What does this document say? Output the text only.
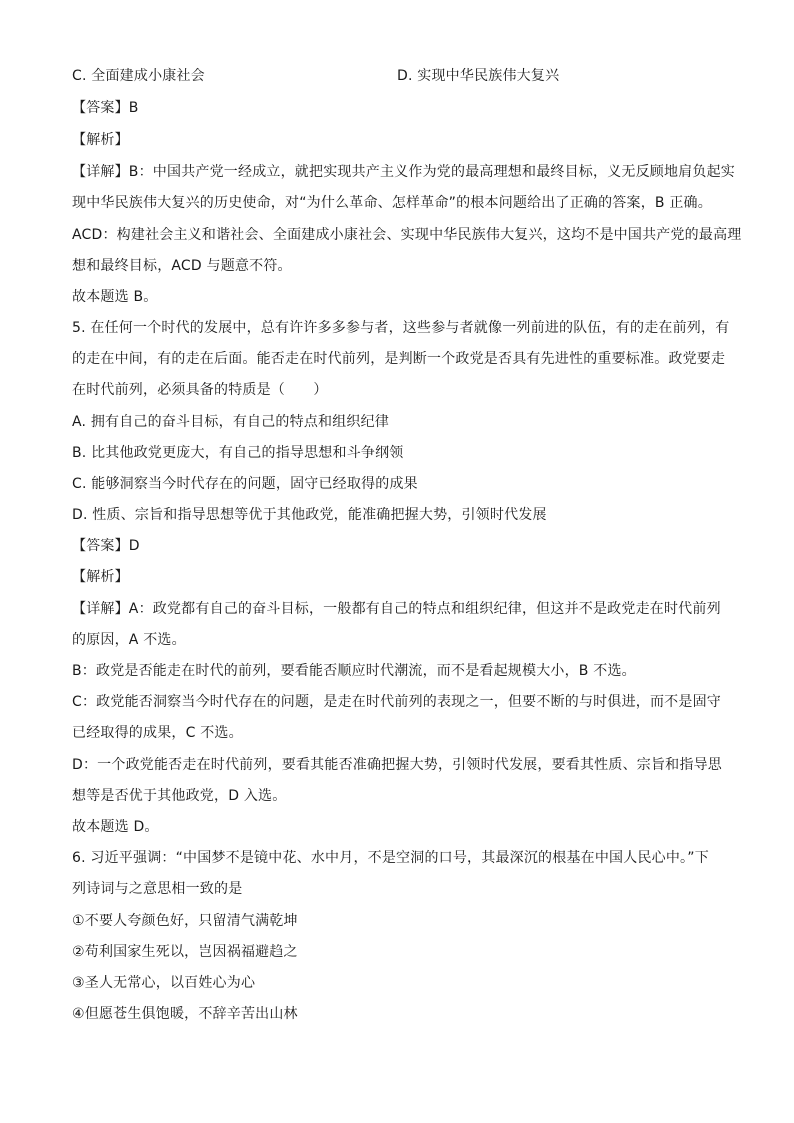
C. 全面建成小康社会	D. 实现中华民族伟大复兴
【答案】B
【解析】
【详解】B：中国共产党一经成立，就把实现共产主义作为党的最高理想和最终目标，义无反顾地肩负起实
现中华民族伟大复兴的历史使命，对“为什么革命、怎样革命”的根本问题给出了正确的答案，B 正确。
ACD：构建社会主义和谐社会、全面建成小康社会、实现中华民族伟大复兴，这均不是中国共产党的最高理
想和最终目标，ACD 与题意不符。
故本题选 B。
5. 在任何一个时代的发展中，总有许许多多参与者，这些参与者就像一列前进的队伍，有的走在前列，有
的走在中间，有的走在后面。能否走在时代前列，是判断一个政党是否具有先进性的重要标准。政党要走
在时代前列，必须具备的特质是（　　）
A. 拥有自己的奋斗目标，有自己的特点和组织纪律
B. 比其他政党更庞大，有自己的指导思想和斗争纲领
C. 能够洞察当今时代存在的问题，固守已经取得的成果
D. 性质、宗旨和指导思想等优于其他政党，能准确把握大势，引领时代发展
【答案】D
【解析】
【详解】A：政党都有自己的奋斗目标，一般都有自己的特点和组织纪律，但这并不是政党走在时代前列
的原因，A 不选。
B：政党是否能走在时代的前列，要看能否顺应时代潮流，而不是看起规模大小，B 不选。
C：政党能否洞察当今时代存在的问题，是走在时代前列的表现之一，但要不断的与时俱进，而不是固守
已经取得的成果，C 不选。
D：一个政党能否走在时代前列，要看其能否准确把握大势，引领时代发展，要看其性质、宗旨和指导思
想等是否优于其他政党，D 入选。
故本题选 D。
6. 习近平强调：“中国梦不是镜中花、水中月，不是空洞的口号，其最深沉的根基在中国人民心中。”下
列诗词与之意思相一致的是
①不要人夸颜色好，只留清气满乾坤
②苟利国家生死以，岂因祸福避趋之
③圣人无常心，以百姓心为心
④但愿苍生俱饱暖，不辞辛苦出山林
